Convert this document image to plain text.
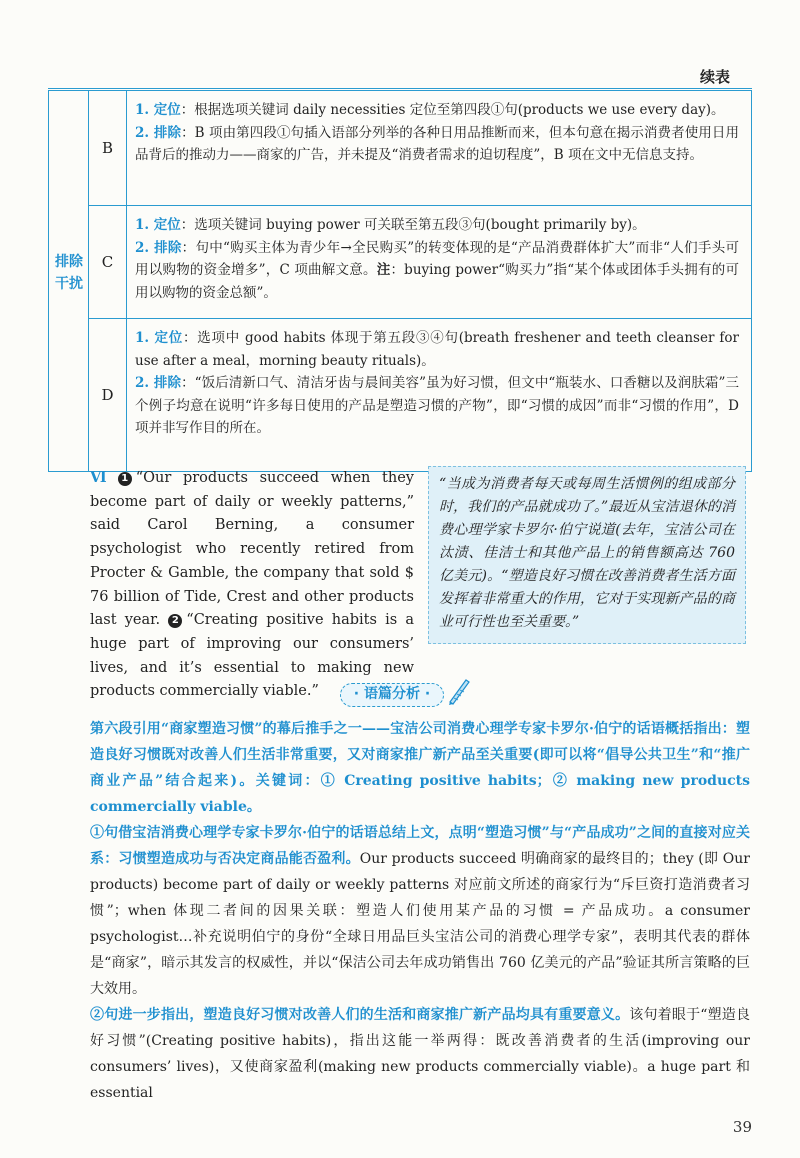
续表
排除
干扰
B

1. 定位：根据选项关键词 daily necessities 定位至第四段①句(products we use every day)。

2. 排除：B 项由第四段①句插入语部分列举的各种日用品推断而来，但本句意在揭示消费者使用日用品背后的推动力——商家的广告，并未提及“消费者需求的迫切程度”，B 项在文中无信息支持。

C

1. 定位：选项关键词 buying power 可关联至第五段③句(bought primarily by)。

2. 排除：句中“购买主体为青少年→全民购买”的转变体现的是“产品消费群体扩大”而非“人们手头可用以购物的资金增多”，C 项曲解文意。注：buying power“购买力”指“某个体或团体手头拥有的可用以购物的资金总额”。

D

1. 定位：选项中 good habits 体现于第五段③④句(breath freshener and teeth cleanser for use after a meal，morning beauty rituals)。

2. 排除：“饭后清新口气、清洁牙齿与晨间美容”虽为好习惯，但文中“瓶装水、口香糖以及润肤霜”三个例子均意在说明“许多每日使用的产品是塑造习惯的产物”，即“习惯的成因”而非“习惯的作用”，D 项并非写作目的所在。

Ⅵ 1 “Our products succeed when they become part of daily or weekly patterns,” said Carol Berning, a consumer psychologist who recently retired from Procter & Gamble, the company that sold $ 76 billion of Tide, Crest and other products last year. 2 “Creating positive habits is a huge part of improving our consumers’ lives, and it’s essential to making new products commercially viable.”

“当成为消费者每天或每周生活惯例的组成部分时，我们的产品就成功了。”最近从宝洁退休的消费心理学家卡罗尔·伯宁说道(去年，宝洁公司在汰渍、佳洁士和其他产品上的销售额高达 760 亿美元)。“塑造良好习惯在改善消费者生活方面发挥着非常重大的作用，它对于实现新产品的商业可行性也至关重要。”

· 语篇分析 ·

第六段引用“商家塑造习惯”的幕后推手之一——宝洁公司消费心理学专家卡罗尔·伯宁的话语概括指出：塑造良好习惯既对改善人们生活非常重要，又对商家推广新产品至关重要(即可以将“倡导公共卫生”和“推广商业产品”结合起来)。关键词：① Creating positive habits；② making new products commercially viable。

①句借宝洁消费心理学专家卡罗尔·伯宁的话语总结上文，点明“塑造习惯”与“产品成功”之间的直接对应关系：习惯塑造成功与否决定商品能否盈利。Our products succeed 明确商家的最终目的；they (即 Our products) become part of daily or weekly patterns 对应前文所述的商家行为“斥巨资打造消费者习惯”；when 体现二者间的因果关联：塑造人们使用某产品的习惯 = 产品成功。a consumer psychologist…补充说明伯宁的身份“全球日用品巨头宝洁公司的消费心理学专家”，表明其代表的群体是“商家”，暗示其发言的权威性，并以“保洁公司去年成功销售出 760 亿美元的产品”验证其所言策略的巨大效用。

②句进一步指出，塑造良好习惯对改善人们的生活和商家推广新产品均具有重要意义。该句着眼于“塑造良好习惯”(Creating positive habits)，指出这能一举两得：既改善消费者的生活(improving our consumers’ lives)，又使商家盈利(making new products commercially viable)。a huge part 和 essential

39
